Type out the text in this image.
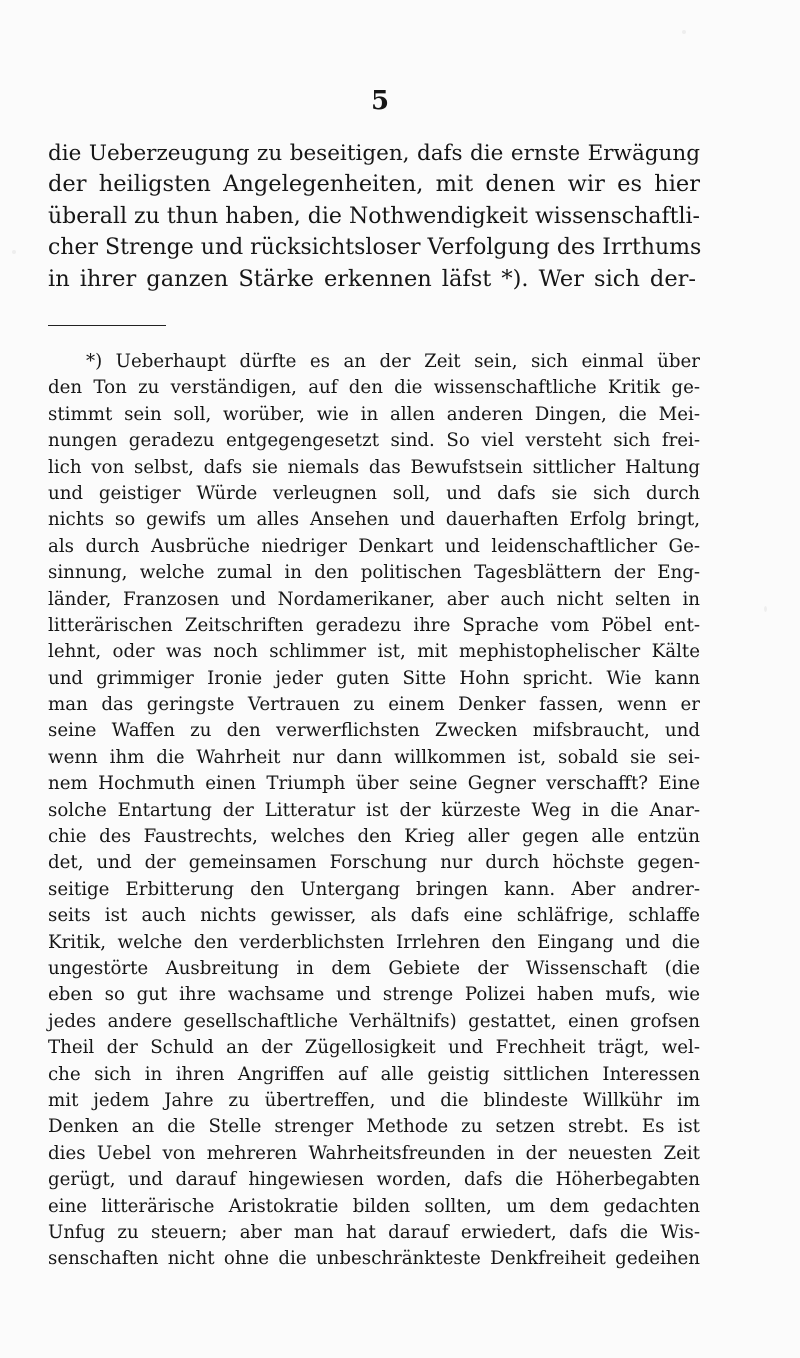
5
die Ueberzeugung zu beseitigen, dafs die ernste Erwägung
der heiligsten Angelegenheiten, mit denen wir es hier
überall zu thun haben, die Nothwendigkeit wissenschaftli-
cher Strenge und rücksichtsloser Verfolgung des Irrthums
in ihrer ganzen Stärke erkennen läfst *). Wer sich der-
*) Ueberhaupt dürfte es an der Zeit sein, sich einmal über
den Ton zu verständigen, auf den die wissenschaftliche Kritik ge-
stimmt sein soll, worüber, wie in allen anderen Dingen, die Mei-
nungen geradezu entgegengesetzt sind. So viel versteht sich frei-
lich von selbst, dafs sie niemals das Bewufstsein sittlicher Haltung
und geistiger Würde verleugnen soll, und dafs sie sich durch
nichts so gewifs um alles Ansehen und dauerhaften Erfolg bringt,
als durch Ausbrüche niedriger Denkart und leidenschaftlicher Ge-
sinnung, welche zumal in den politischen Tagesblättern der Eng-
länder, Franzosen und Nordamerikaner, aber auch nicht selten in
litterärischen Zeitschriften geradezu ihre Sprache vom Pöbel ent-
lehnt, oder was noch schlimmer ist, mit mephistophelischer Kälte
und grimmiger Ironie jeder guten Sitte Hohn spricht. Wie kann
man das geringste Vertrauen zu einem Denker fassen, wenn er
seine Waffen zu den verwerflichsten Zwecken mifsbraucht, und
wenn ihm die Wahrheit nur dann willkommen ist, sobald sie sei-
nem Hochmuth einen Triumph über seine Gegner verschafft? Eine
solche Entartung der Litteratur ist der kürzeste Weg in die Anar-
chie des Faustrechts, welches den Krieg aller gegen alle entzün
det, und der gemeinsamen Forschung nur durch höchste gegen-
seitige Erbitterung den Untergang bringen kann. Aber andrer-
seits ist auch nichts gewisser, als dafs eine schläfrige, schlaffe
Kritik, welche den verderblichsten Irrlehren den Eingang und die
ungestörte Ausbreitung in dem Gebiete der Wissenschaft (die
eben so gut ihre wachsame und strenge Polizei haben mufs, wie
jedes andere gesellschaftliche Verhältnifs) gestattet, einen grofsen
Theil der Schuld an der Zügellosigkeit und Frechheit trägt, wel-
che sich in ihren Angriffen auf alle geistig sittlichen Interessen
mit jedem Jahre zu übertreffen, und die blindeste Willkühr im
Denken an die Stelle strenger Methode zu setzen strebt. Es ist
dies Uebel von mehreren Wahrheitsfreunden in der neuesten Zeit
gerügt, und darauf hingewiesen worden, dafs die Höherbegabten
eine litterärische Aristokratie bilden sollten, um dem gedachten
Unfug zu steuern; aber man hat darauf erwiedert, dafs die Wis-
senschaften nicht ohne die unbeschränkteste Denkfreiheit gedeihen
